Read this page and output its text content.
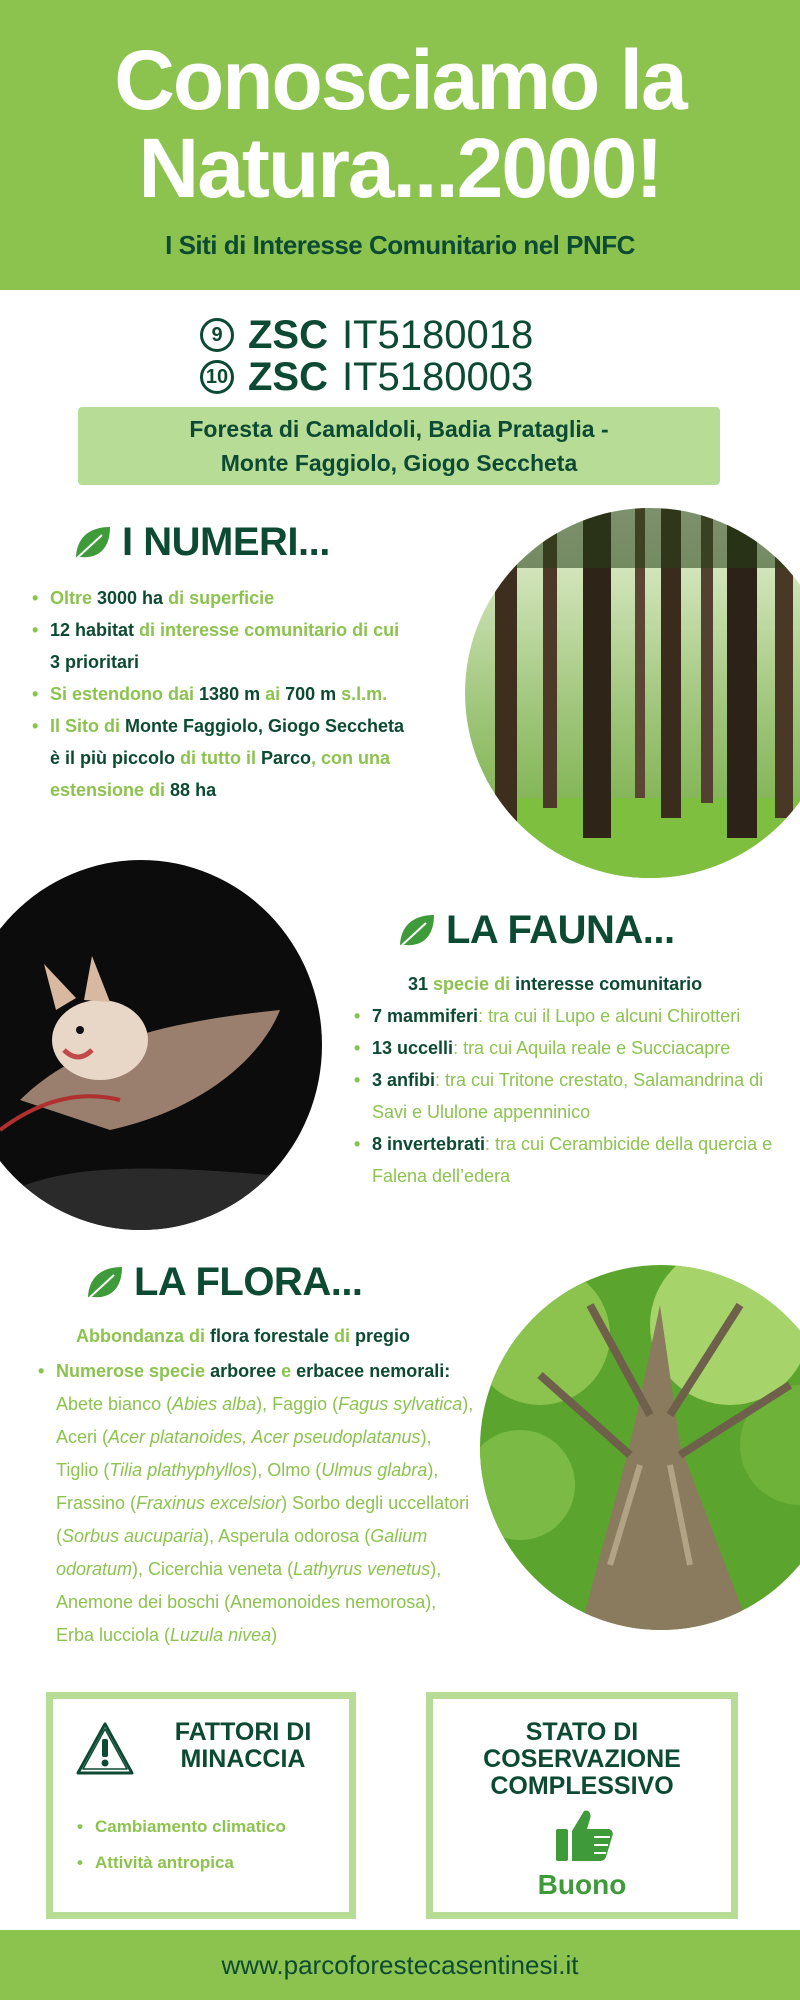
Conosciamo la
Natura...2000!
I Siti di Interesse Comunitario nel PNFC
9 ZSC IT5180018
10 ZSC IT5180003
Foresta di Camaldoli, Badia Prataglia -
Monte Faggiolo, Giogo Seccheta
I NUMERI...
• Oltre 3000 ha di superficie
• 12 habitat di interesse comunitario di cui
3 prioritari
• Si estendono dai 1380 m ai 700 m s.l.m.
• Il Sito di Monte Faggiolo, Giogo Seccheta
è il più piccolo di tutto il Parco, con una
estensione di 88 ha
LA FAUNA...
31 specie di interesse comunitario
• 7 mammiferi: tra cui il Lupo e alcuni Chirotteri
• 13 uccelli: tra cui Aquila reale e Succiacapre
• 3 anfibi: tra cui Tritone crestato, Salamandrina di Savi e Ululone appenninico
• 8 invertebrati: tra cui Cerambicide della quercia e Falena dell’edera
LA FLORA...
Abbondanza di flora forestale di pregio
• Numerose specie arboree e erbacee nemorali: Abete bianco (Abies alba), Faggio (Fagus sylvatica), Aceri (Acer platanoides, Acer pseudoplatanus), Tiglio (Tilia plathyphyllos), Olmo (Ulmus glabra), Frassino (Fraxinus excelsior) Sorbo degli uccellatori (Sorbus aucuparia), Asperula odorosa (Galium odoratum), Cicerchia veneta (Lathyrus venetus), Anemone dei boschi (Anemonoides nemorosa), Erba lucciola (Luzula nivea)
FATTORI DI
MINACCIA
• Cambiamento climatico
• Attività antropica
STATO DI
COSERVAZIONE
COMPLESSIVO
Buono
www.parcoforestecasentinesi.it
